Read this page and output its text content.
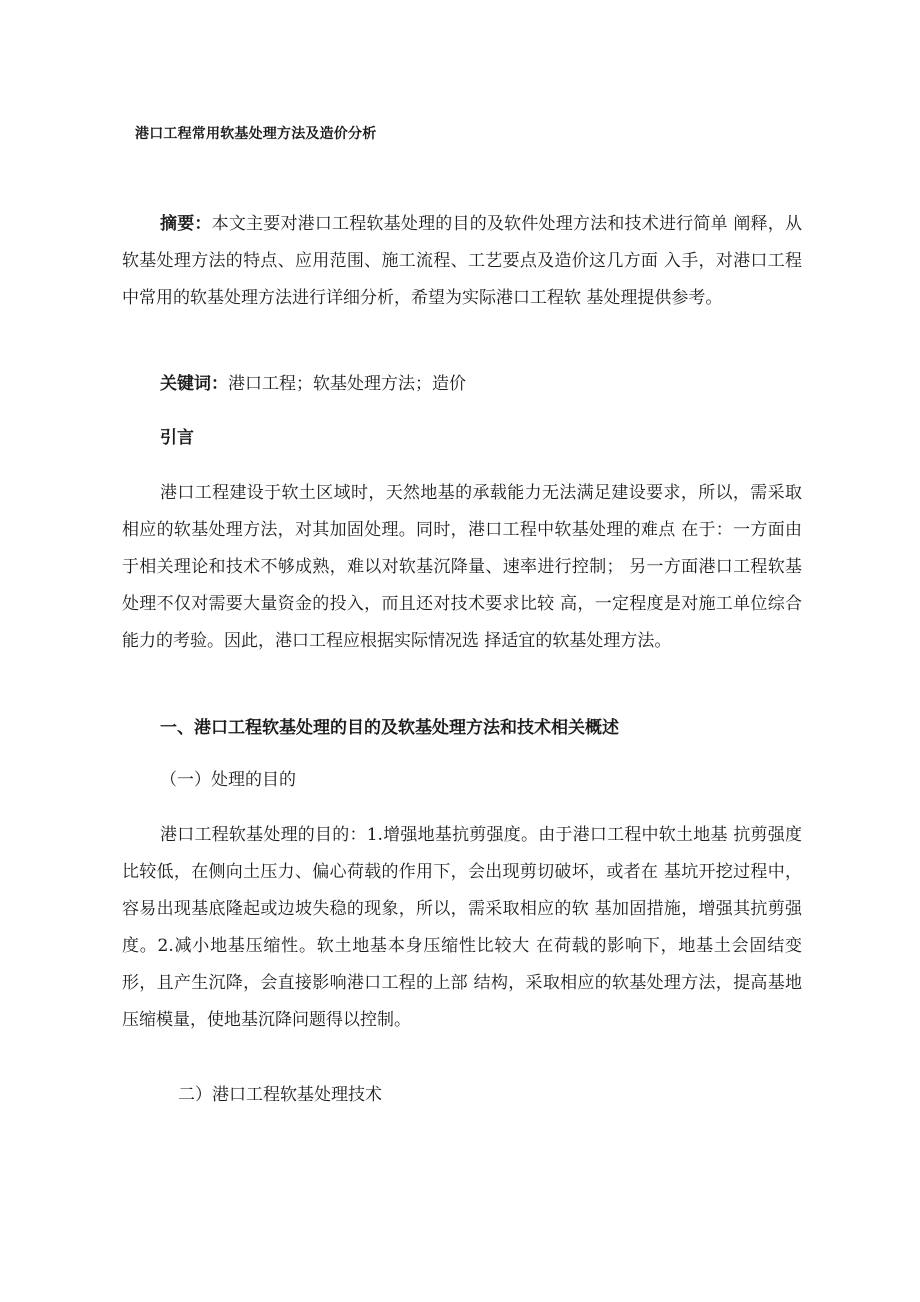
港口工程常用软基处理方法及造价分析
摘要：本文主要对港口工程软基处理的目的及软件处理方法和技术进行简单 阐释，从软基处理方法的特点、应用范围、施工流程、工艺要点及造价这几方面 入手，对港口工程中常用的软基处理方法进行详细分析，希望为实际港口工程软 基处理提供参考。
关键词：港口工程；软基处理方法；造价
引言
港口工程建设于软土区域时，天然地基的承载能力无法满足建设要求，所以，需采取相应的软基处理方法，对其加固处理。同时，港口工程中软基处理的难点 在于：一方面由于相关理论和技术不够成熟，难以对软基沉降量、速率进行控制； 另一方面港口工程软基处理不仅对需要大量资金的投入，而且还对技术要求比较 高，一定程度是对施工单位综合能力的考验。因此，港口工程应根据实际情况选 择适宜的软基处理方法。
一、港口工程软基处理的目的及软基处理方法和技术相关概述
（一）处理的目的
港口工程软基处理的目的：1.增强地基抗剪强度。由于港口工程中软土地基 抗剪强度比较低，在侧向土压力、偏心荷载的作用下，会出现剪切破坏，或者在 基坑开挖过程中，容易出现基底隆起或边坡失稳的现象，所以，需采取相应的软 基加固措施，增强其抗剪强度。2.减小地基压缩性。软土地基本身压缩性比较大 在荷载的影响下，地基土会固结变形，且产生沉降，会直接影响港口工程的上部 结构，采取相应的软基处理方法，提高基地压缩模量，使地基沉降问题得以控制。
二）港口工程软基处理技术
